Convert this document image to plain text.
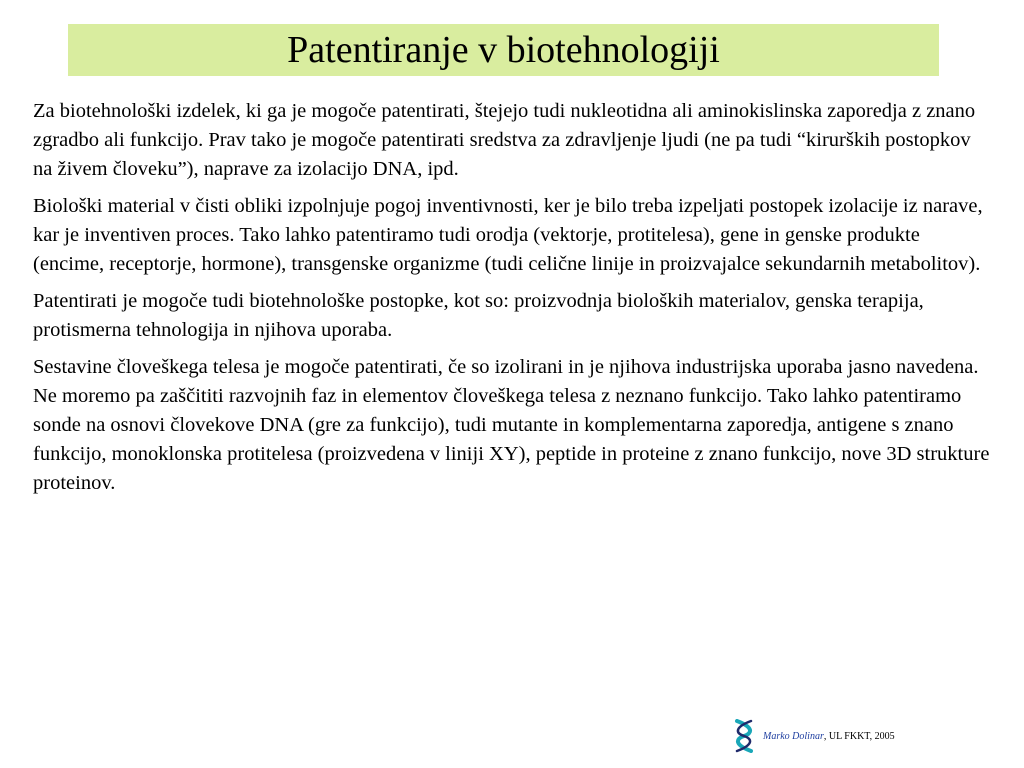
Patentiranje v biotehnologiji

Za biotehnološki izdelek, ki ga je mogoče patentirati, štejejo tudi nukleotidna ali aminokislinska zaporedja z znano zgradbo ali funkcijo. Prav tako je mogoče patentirati sredstva za zdravljenje ljudi (ne pa tudi “kirurških postopkov na živem človeku”), naprave za izolacijo DNA, ipd.

Biološki material v čisti obliki izpolnjuje pogoj inventivnosti, ker je bilo treba izpeljati postopek izolacije iz narave, kar je inventiven proces. Tako lahko patentiramo tudi orodja (vektorje, protitelesa), gene in genske produkte (encime, receptorje, hormone), transgenske organizme (tudi celične linije in proizvajalce sekundarnih metabolitov).

Patentirati je mogoče tudi biotehnološke postopke, kot so: proizvodnja bioloških materialov, genska terapija, protismerna tehnologija in njihova uporaba.

Sestavine človeškega telesa je mogoče patentirati, če so izolirani in je njihova industrijska uporaba jasno navedena. Ne moremo pa zaščititi razvojnih faz in elementov človeškega telesa z neznano funkcijo. Tako lahko patentiramo sonde na osnovi človekove DNA (gre za funkcijo), tudi mutante in komplementarna zaporedja, antigene s znano funkcijo, monoklonska protitelesa (proizvedena v liniji XY), peptide in proteine z znano funkcijo, nove 3D strukture proteinov.

Marko Dolinar, UL FKKT, 2005
